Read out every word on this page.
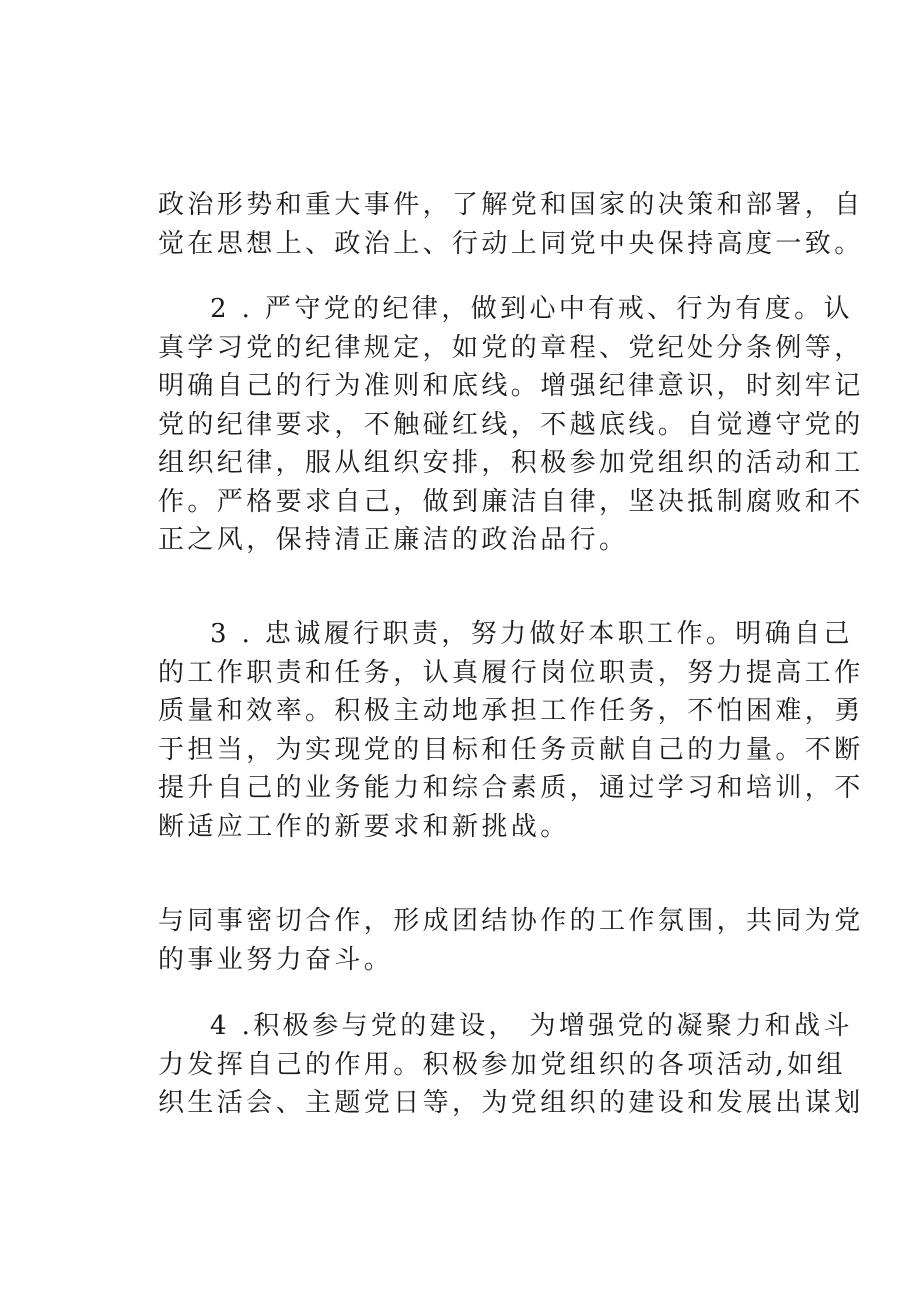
政治形势和重大事件，了解党和国家的决策和部署，自
觉在思想上、政治上、行动上同党中央保持高度一致。
2 . 严守党的纪律，做到心中有戒、行为有度。认
真学习党的纪律规定，如党的章程、党纪处分条例等，
明确自己的行为准则和底线。增强纪律意识，时刻牢记
党的纪律要求，不触碰红线，不越底线。自觉遵守党的
组织纪律，服从组织安排，积极参加党组织的活动和工
作。严格要求自己，做到廉洁自律，坚决抵制腐败和不
正之风，保持清正廉洁的政治品行。
3 . 忠诚履行职责，努力做好本职工作。明确自己
的工作职责和任务，认真履行岗位职责，努力提高工作
质量和效率。积极主动地承担工作任务，不怕困难，勇
于担当，为实现党的目标和任务贡献自己的力量。不断
提升自己的业务能力和综合素质，通过学习和培训，不
断适应工作的新要求和新挑战。
与同事密切合作，形成团结协作的工作氛围，共同为党
的事业努力奋斗。
4 .积极参与党的建设， 为增强党的凝聚力和战斗
力发挥自己的作用。积极参加党组织的各项活动,如组
织生活会、主题党日等，为党组织的建设和发展出谋划
